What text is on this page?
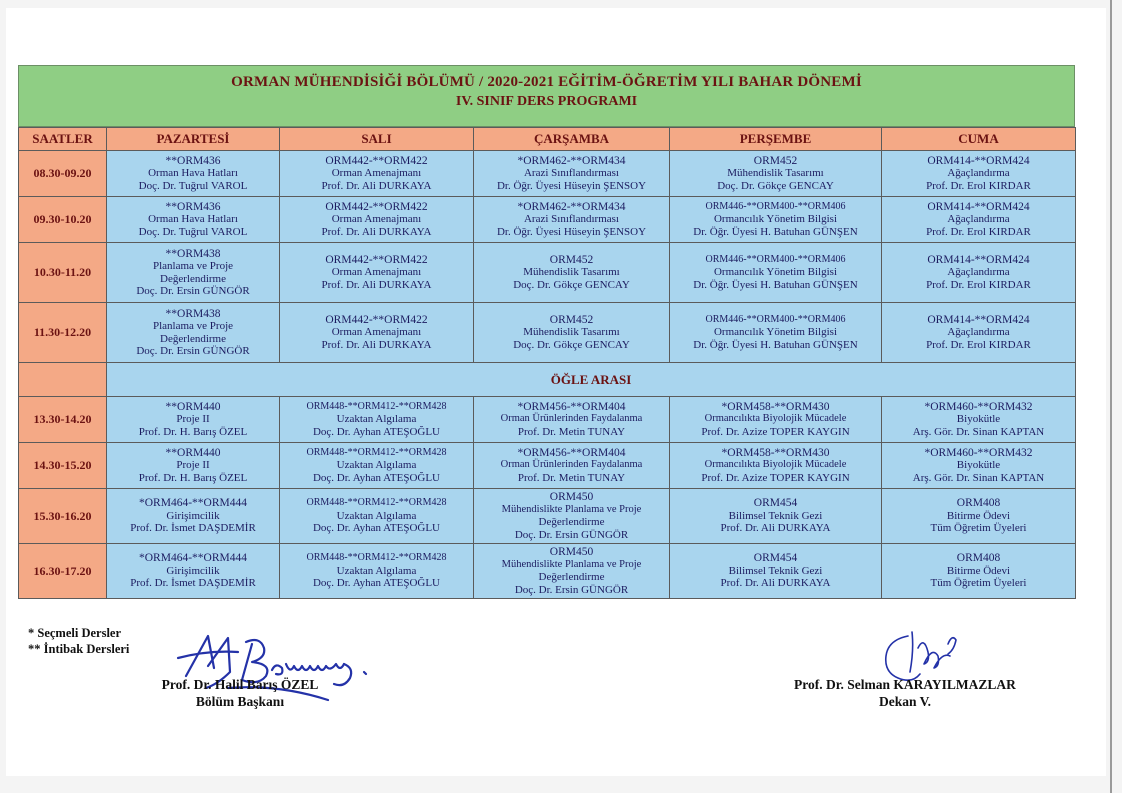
ORMAN MÜHENDİSİĞİ BÖLÜMÜ / 2020-2021 EĞİTİM-ÖĞRETİM YILI BAHAR DÖNEMİ
IV. SINIF DERS PROGRAMI
SAATLER	PAZARTESİ	SALI	ÇARŞAMBA	PERŞEMBE	CUMA
08.30-09.20	**ORM436
Orman Hava Hatları
Doç. Dr. Tuğrul VAROL	ORM442-**ORM422
Orman Amenajmanı
Prof. Dr. Ali DURKAYA	*ORM462-**ORM434
Arazi Sınıflandırması
Dr. Öğr. Üyesi Hüseyin ŞENSOY	ORM452
Mühendislik Tasarımı
Doç. Dr. Gökçe GENCAY	ORM414-**ORM424
Ağaçlandırma
Prof. Dr. Erol KIRDAR

09.30-10.20	**ORM436
Orman Hava Hatları
Doç. Dr. Tuğrul VAROL	ORM442-**ORM422
Orman Amenajmanı
Prof. Dr. Ali DURKAYA	*ORM462-**ORM434
Arazi Sınıflandırması
Dr. Öğr. Üyesi Hüseyin ŞENSOY	ORM446-**ORM400-**ORM406
Ormancılık Yönetim Bilgisi
Dr. Öğr. Üyesi H. Batuhan GÜNŞEN	ORM414-**ORM424
Ağaçlandırma
Prof. Dr. Erol KIRDAR

10.30-11.20	**ORM438
Planlama ve Proje
Değerlendirme
Doç. Dr. Ersin GÜNGÖR	ORM442-**ORM422
Orman Amenajmanı
Prof. Dr. Ali DURKAYA	ORM452
Mühendislik Tasarımı
Doç. Dr. Gökçe GENCAY	ORM446-**ORM400-**ORM406
Ormancılık Yönetim Bilgisi
Dr. Öğr. Üyesi H. Batuhan GÜNŞEN	ORM414-**ORM424
Ağaçlandırma
Prof. Dr. Erol KIRDAR

11.30-12.20	**ORM438
Planlama ve Proje
Değerlendirme
Doç. Dr. Ersin GÜNGÖR	ORM442-**ORM422
Orman Amenajmanı
Prof. Dr. Ali DURKAYA	ORM452
Mühendislik Tasarımı
Doç. Dr. Gökçe GENCAY	ORM446-**ORM400-**ORM406
Ormancılık Yönetim Bilgisi
Dr. Öğr. Üyesi H. Batuhan GÜNŞEN	ORM414-**ORM424
Ağaçlandırma
Prof. Dr. Erol KIRDAR

	ÖĞLE ARASI				
13.30-14.20	**ORM440
Proje II
Prof. Dr. H. Barış ÖZEL	ORM448-**ORM412-**ORM428
Uzaktan Algılama
Doç. Dr. Ayhan ATEŞOĞLU	*ORM456-**ORM404
Orman Ürünlerinden Faydalanma
Prof. Dr. Metin TUNAY	*ORM458-**ORM430
Ormancılıkta Biyolojik Mücadele
Prof. Dr. Azize TOPER KAYGIN	*ORM460-**ORM432
Biyokütle
Arş. Gör. Dr. Sinan KAPTAN

14.30-15.20	**ORM440
Proje II
Prof. Dr. H. Barış ÖZEL	ORM448-**ORM412-**ORM428
Uzaktan Algılama
Doç. Dr. Ayhan ATEŞOĞLU	*ORM456-**ORM404
Orman Ürünlerinden Faydalanma
Prof. Dr. Metin TUNAY	*ORM458-**ORM430
Ormancılıkta Biyolojik Mücadele
Prof. Dr. Azize TOPER KAYGIN	*ORM460-**ORM432
Biyokütle
Arş. Gör. Dr. Sinan KAPTAN

15.30-16.20	*ORM464-**ORM444
Girişimcilik
Prof. Dr. İsmet DAŞDEMİR	ORM448-**ORM412-**ORM428
Uzaktan Algılama
Doç. Dr. Ayhan ATEŞOĞLU	ORM450
Mühendislikte Planlama ve Proje
Değerlendirme
Doç. Dr. Ersin GÜNGÖR	ORM454
Bilimsel Teknik Gezi
Prof. Dr. Ali DURKAYA	ORM408
Bitirme Ödevi
Tüm Öğretim Üyeleri

16.30-17.20	*ORM464-**ORM444
Girişimcilik
Prof. Dr. İsmet DAŞDEMİR	ORM448-**ORM412-**ORM428
Uzaktan Algılama
Doç. Dr. Ayhan ATEŞOĞLU	ORM450
Mühendislikte Planlama ve Proje
Değerlendirme
Doç. Dr. Ersin GÜNGÖR	ORM454
Bilimsel Teknik Gezi
Prof. Dr. Ali DURKAYA	ORM408
Bitirme Ödevi
Tüm Öğretim Üyeleri
* Seçmeli Dersler
** İntibak Dersleri
Prof. Dr. Halil Barış ÖZEL
Bölüm Başkanı
Prof. Dr. Selman KARAYILMAZLAR
Dekan V.
